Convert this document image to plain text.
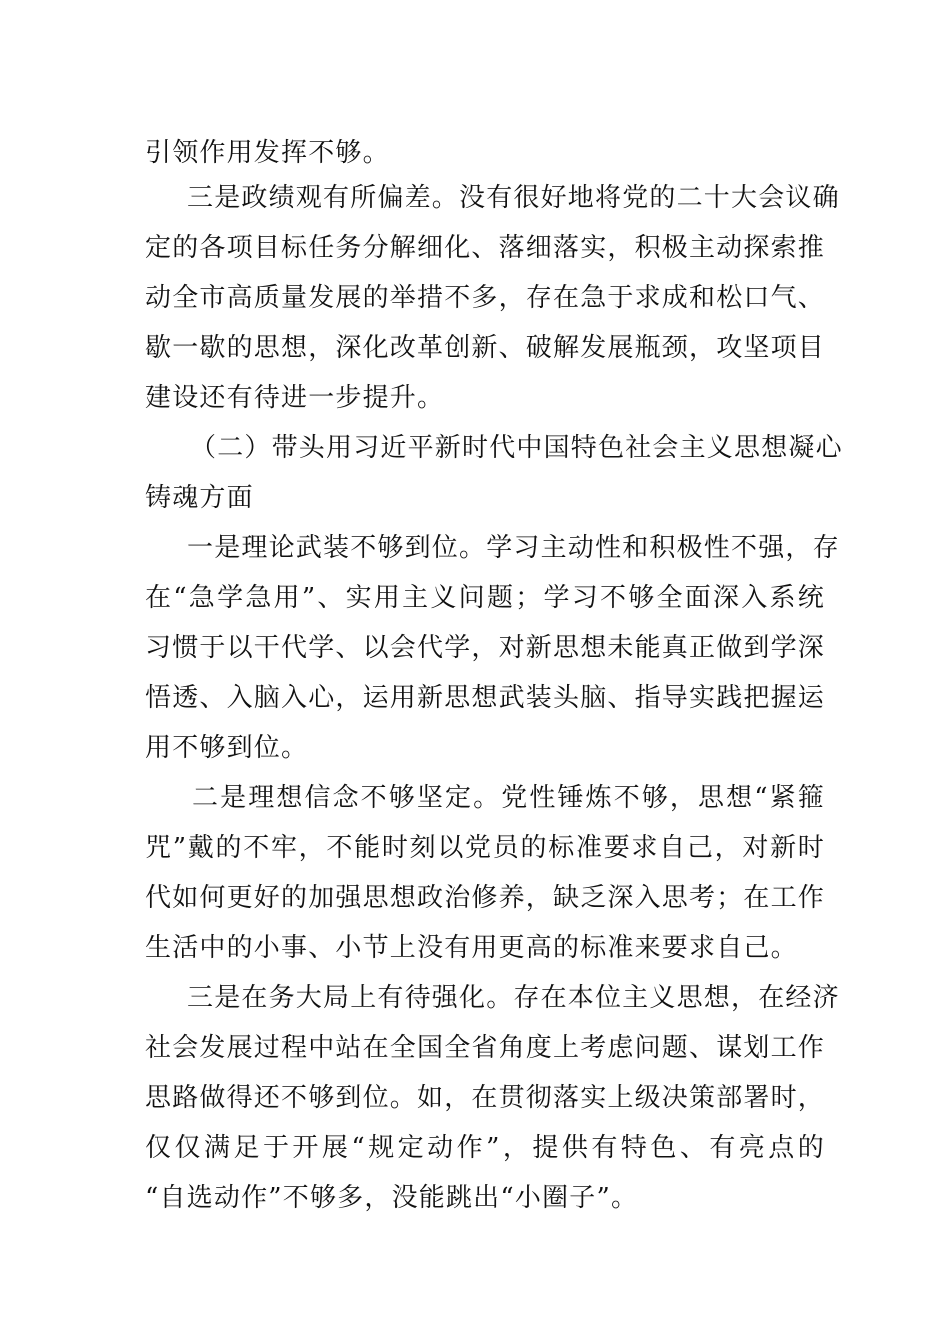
引领作用发挥不够。
三是政绩观有所偏差。没有很好地将党的二十大会议确
定的各项目标任务分解细化、落细落实，积极主动探索推
动全市高质量发展的举措不多，存在急于求成和松口气、
歇一歇的思想，深化改革创新、破解发展瓶颈，攻坚项目
建设还有待进一步提升。
（二）带头用习近平新时代中国特色社会主义思想凝心
铸魂方面
一是理论武装不够到位。学习主动性和积极性不强，存
在“急学急用”、实用主义问题；学习不够全面深入系统
习惯于以干代学、以会代学，对新思想未能真正做到学深
悟透、入脑入心，运用新思想武装头脑、指导实践把握运
用不够到位。
二是理想信念不够坚定。党性锤炼不够，思想“紧箍
咒”戴的不牢，不能时刻以党员的标准要求自己，对新时
代如何更好的加强思想政治修养，缺乏深入思考；在工作
生活中的小事、小节上没有用更高的标准来要求自己。
三是在务大局上有待强化。存在本位主义思想，在经济
社会发展过程中站在全国全省角度上考虑问题、谋划工作
思路做得还不够到位。如，在贯彻落实上级决策部署时，
仅仅满足于开展“规定动作”，提供有特色、有亮点的
“自选动作”不够多，没能跳出“小圈子”。
